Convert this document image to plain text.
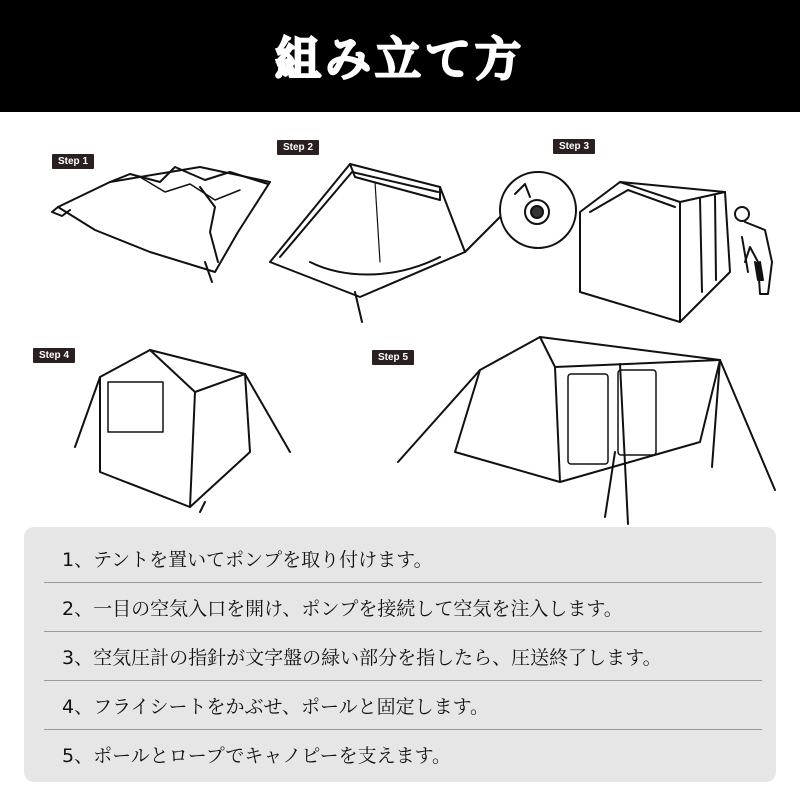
組み立て方
Step 1
Step 2	Step 3
Step 4	Step 5
1、テントを置いてポンプを取り付けます。
2、一目の空気入口を開け、ポンプを接続して空気を注入します。
3、空気圧計の指針が文字盤の緑い部分を指したら、圧送終了します。
4、フライシートをかぶせ、ポールと固定します。
5、ポールとロープでキャノピーを支えます。
